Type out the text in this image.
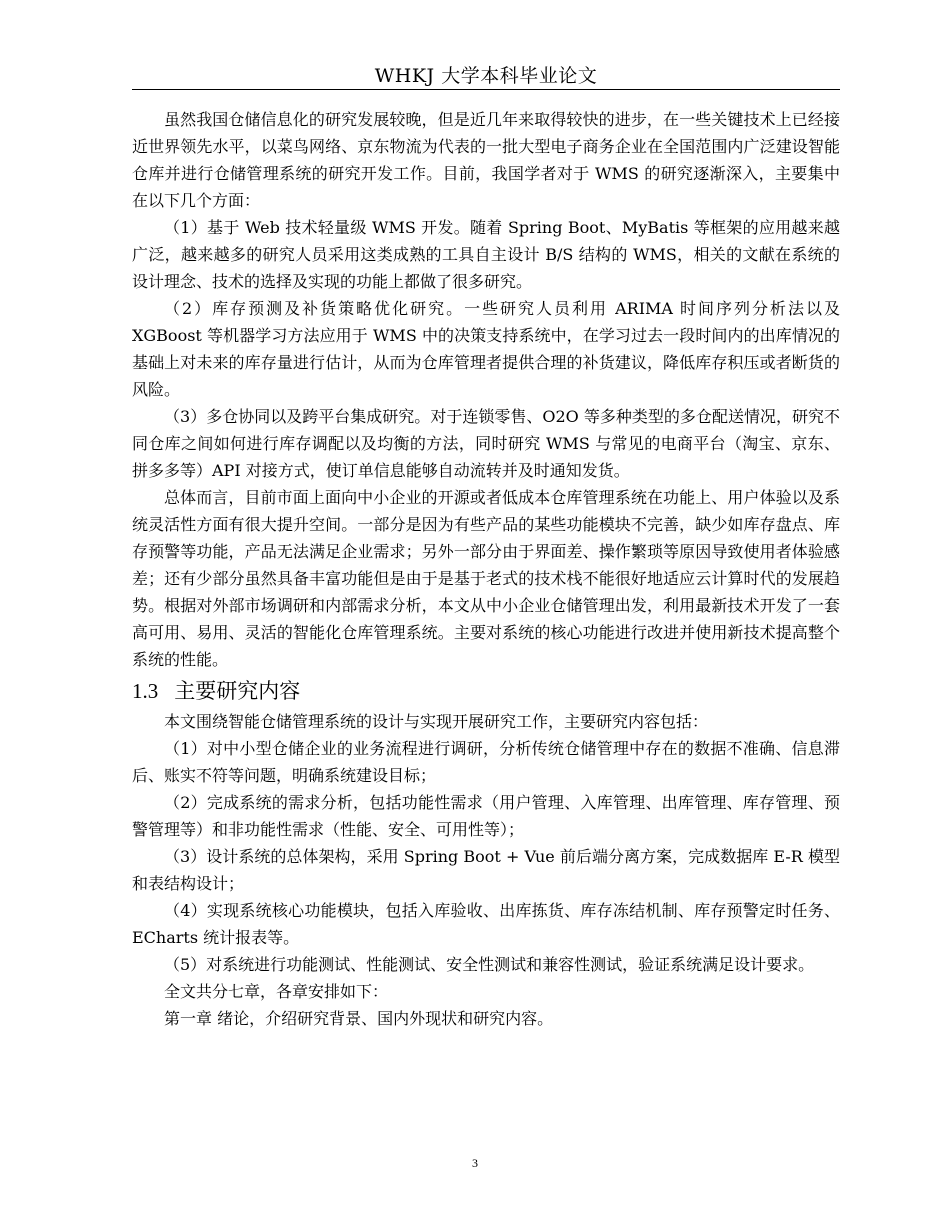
WHKJ 大学本科毕业论文

虽然我国仓储信息化的研究发展较晚，但是近几年来取得较快的进步，在一些关键技术上已经接近世界领先水平，以菜鸟网络、京东物流为代表的一批大型电子商务企业在全国范围内广泛建设智能仓库并进行仓储管理系统的研究开发工作。目前，我国学者对于 WMS 的研究逐渐深入，主要集中在以下几个方面：

（1）基于 Web 技术轻量级 WMS 开发。随着 Spring Boot、MyBatis 等框架的应用越来越广泛，越来越多的研究人员采用这类成熟的工具自主设计 B/S 结构的 WMS，相关的文献在系统的设计理念、技术的选择及实现的功能上都做了很多研究。

（2）库存预测及补货策略优化研究。一些研究人员利用 ARIMA 时间序列分析法以及 XGBoost 等机器学习方法应用于 WMS 中的决策支持系统中，在学习过去一段时间内的出库情况的基础上对未来的库存量进行估计，从而为仓库管理者提供合理的补货建议，降低库存积压或者断货的风险。

（3）多仓协同以及跨平台集成研究。对于连锁零售、O2O 等多种类型的多仓配送情况，研究不同仓库之间如何进行库存调配以及均衡的方法，同时研究 WMS 与常见的电商平台（淘宝、京东、拼多多等）API 对接方式，使订单信息能够自动流转并及时通知发货。

总体而言，目前市面上面向中小企业的开源或者低成本仓库管理系统在功能上、用户体验以及系统灵活性方面有很大提升空间。一部分是因为有些产品的某些功能模块不完善，缺少如库存盘点、库存预警等功能，产品无法满足企业需求；另外一部分由于界面差、操作繁琐等原因导致使用者体验感差；还有少部分虽然具备丰富功能但是由于是基于老式的技术栈不能很好地适应云计算时代的发展趋势。根据对外部市场调研和内部需求分析，本文从中小企业仓储管理出发，利用最新技术开发了一套高可用、易用、灵活的智能化仓库管理系统。主要对系统的核心功能进行改进并使用新技术提高整个系统的性能。

1.3 主要研究内容

本文围绕智能仓储管理系统的设计与实现开展研究工作，主要研究内容包括：

（1）对中小型仓储企业的业务流程进行调研，分析传统仓储管理中存在的数据不准确、信息滞后、账实不符等问题，明确系统建设目标；

（2）完成系统的需求分析，包括功能性需求（用户管理、入库管理、出库管理、库存管理、预警管理等）和非功能性需求（性能、安全、可用性等）；

（3）设计系统的总体架构，采用 Spring Boot + Vue 前后端分离方案，完成数据库 E-R 模型和表结构设计；

（4）实现系统核心功能模块，包括入库验收、出库拣货、库存冻结机制、库存预警定时任务、ECharts 统计报表等。

（5）对系统进行功能测试、性能测试、安全性测试和兼容性测试，验证系统满足设计要求。

全文共分七章，各章安排如下：

第一章 绪论，介绍研究背景、国内外现状和研究内容。

3
